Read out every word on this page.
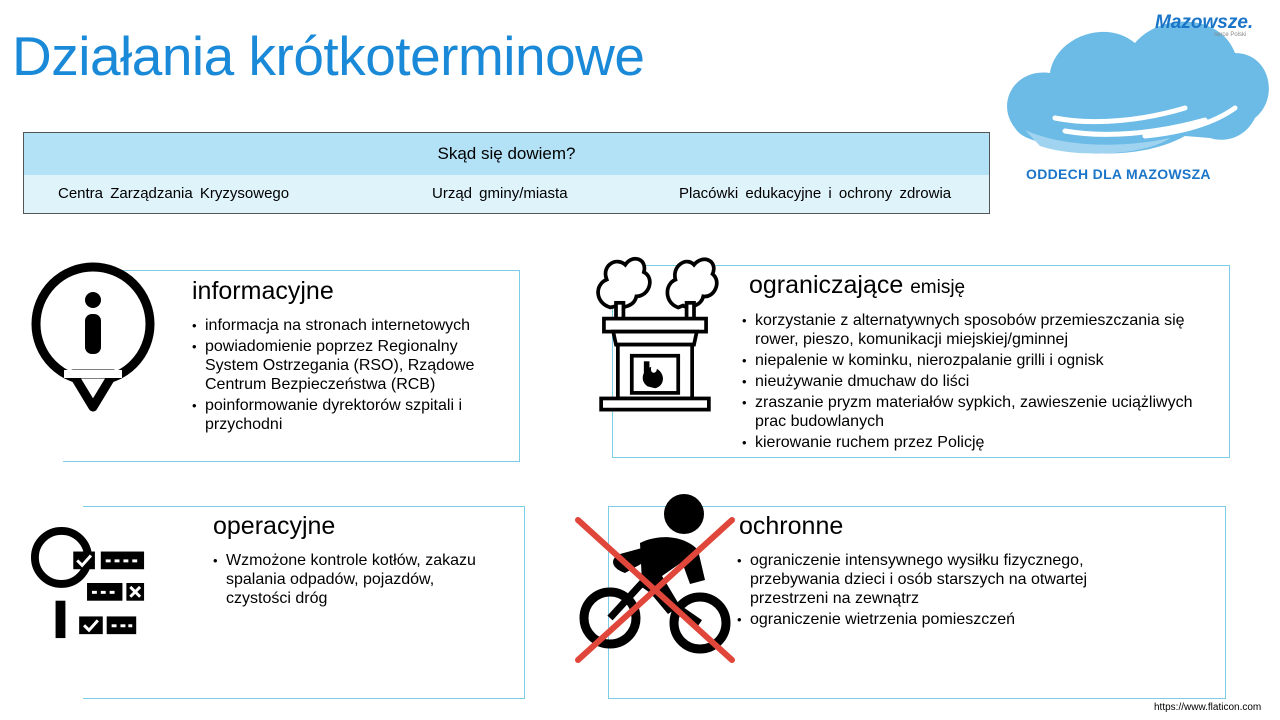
Działania krótkoterminowe
Mazowsze.
serce Polski
ODDECH DLA MAZOWSZA
Skąd się dowiem?
Centra Zarządzania Kryzysowego	Urząd gminy/miasta	Placówki edukacyjne i ochrony zdrowia
informacyjne
• informacja na stronach internetowych
• powiadomienie poprzez Regionalny System Ostrzegania (RSO), Rządowe Centrum Bezpieczeństwa (RCB)
• poinformowanie dyrektorów szpitali i przychodni
ograniczające emisję
• korzystanie z alternatywnych sposobów przemieszczania się rower, pieszo, komunikacji miejskiej/gminnej
• niepalenie w kominku, nierozpalanie grilli i ognisk
• nieużywanie dmuchaw do liści
• zraszanie pryzm materiałów sypkich, zawieszenie uciążliwych prac budowlanych
• kierowanie ruchem przez Policję
operacyjne
• Wzmożone kontrole kotłów, zakazu spalania odpadów, pojazdów, czystości dróg
ochronne
• ograniczenie intensywnego wysiłku fizycznego, przebywania dzieci i osób starszych na otwartej przestrzeni na zewnątrz
• ograniczenie wietrzenia pomieszczeń
https://www.flaticon.com
